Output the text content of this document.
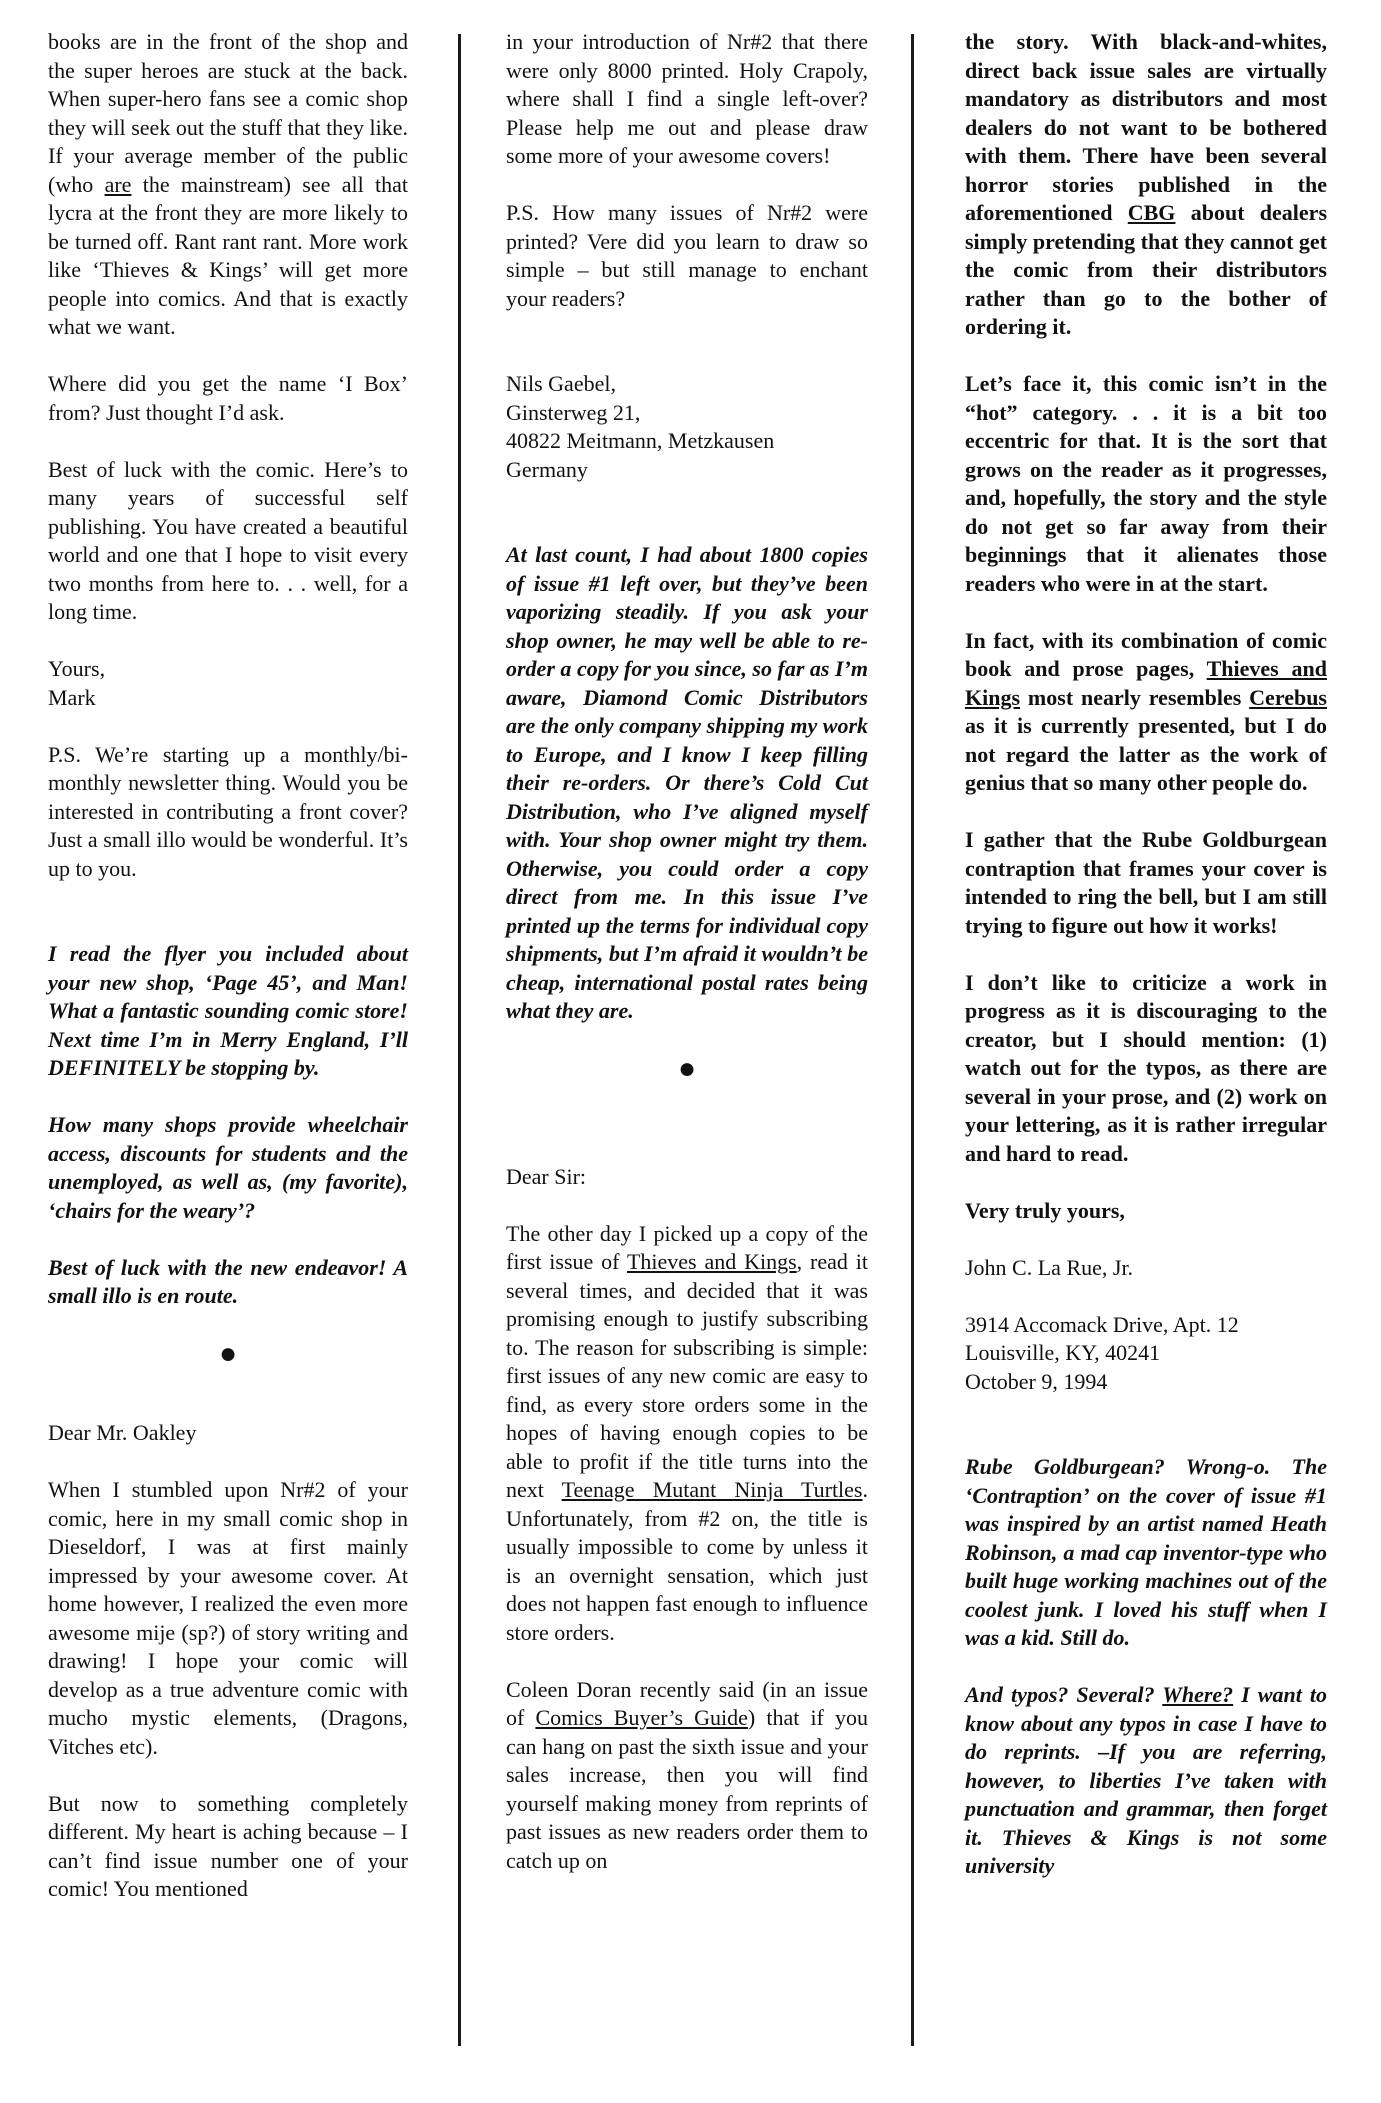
books are in the front of the shop and the super heroes are stuck at the back. When super-hero fans see a comic shop they will seek out the stuff that they like. If your average member of the public (who are the mainstream) see all that lycra at the front they are more likely to be turned off. Rant rant rant. More work like ‘Thieves & Kings’ will get more people into comics. And that is exactly what we want.

Where did you get the name ‘I Box’ from? Just thought I’d ask.

Best of luck with the comic. Here’s to many years of successful self publishing. You have created a beautiful world and one that I hope to visit every two months from here to. . . well, for a long time.

Yours,

Mark

P.S. We’re starting up a monthly/bi-monthly newsletter thing. Would you be interested in contributing a front cover? Just a small illo would be wonderful. It’s up to you.

I read the flyer you included about your new shop, ‘Page 45’, and Man! What a fantastic sounding comic store! Next time I’m in Merry England, I’ll DEFINITELY be stopping by.

How many shops provide wheelchair access, discounts for students and the unemployed, as well as, (my favorite), ‘chairs for the weary’?

Best of luck with the new endeavor! A small illo is en route.

●

Dear Mr. Oakley

When I stumbled upon Nr#2 of your comic, here in my small comic shop in Dieseldorf, I was at first mainly impressed by your awesome cover. At home however, I realized the even more awesome mije (sp?) of story writing and drawing! I hope your comic will develop as a true adventure comic with mucho mystic elements, (Dragons, Vitches etc).

But now to something completely different. My heart is aching because – I can’t find issue number one of your comic! You mentioned

in your introduction of Nr#2 that there were only 8000 printed. Holy Crapoly, where shall I find a single left-over? Please help me out and please draw some more of your awesome covers!

P.S. How many issues of Nr#2 were printed? Vere did you learn to draw so simple – but still manage to enchant your readers?

Nils Gaebel,
Ginsterweg 21,
40822 Meitmann, Metzkausen
Germany

At last count, I had about 1800 copies of issue #1 left over, but they’ve been vaporizing steadily. If you ask your shop owner, he may well be able to re-order a copy for you since, so far as I’m aware, Diamond Comic Distributors are the only company shipping my work to Europe, and I know I keep filling their re-orders. Or there’s Cold Cut Distribution, who I’ve aligned myself with. Your shop owner might try them. Otherwise, you could order a copy direct from me. In this issue I’ve printed up the terms for individual copy shipments, but I’m afraid it wouldn’t be cheap, international postal rates being what they are.

●

Dear Sir:

The other day I picked up a copy of the first issue of Thieves and Kings, read it several times, and decided that it was promising enough to justify subscribing to. The reason for subscribing is simple: first issues of any new comic are easy to find, as every store orders some in the hopes of having enough copies to be able to profit if the title turns into the next Teenage Mutant Ninja Turtles. Unfortunately, from #2 on, the title is usually impossible to come by unless it is an overnight sensation, which just does not happen fast enough to influence store orders.

Coleen Doran recently said (in an issue of Comics Buyer’s Guide) that if you can hang on past the sixth issue and your sales increase, then you will find yourself making money from reprints of past issues as new readers order them to catch up on

the story. With black-and-whites, direct back issue sales are virtually mandatory as distributors and most dealers do not want to be bothered with them. There have been several horror stories published in the aforementioned CBG about dealers simply pretending that they cannot get the comic from their distributors rather than go to the bother of ordering it.

Let’s face it, this comic isn’t in the “hot” category. . . it is a bit too eccentric for that. It is the sort that grows on the reader as it progresses, and, hopefully, the story and the style do not get so far away from their beginnings that it alienates those readers who were in at the start.

In fact, with its combination of comic book and prose pages, Thieves and Kings most nearly resembles Cerebus as it is currently presented, but I do not regard the latter as the work of genius that so many other people do.

I gather that the Rube Goldburgean contraption that frames your cover is intended to ring the bell, but I am still trying to figure out how it works!

I don’t like to criticize a work in progress as it is discouraging to the creator, but I should mention: (1) watch out for the typos, as there are several in your prose, and (2) work on your lettering, as it is rather irregular and hard to read.

Very truly yours,

John C. La Rue, Jr.

3914 Accomack Drive, Apt. 12
Louisville, KY, 40241
October 9, 1994

Rube Goldburgean? Wrong-o. The ‘Contraption’ on the cover of issue #1 was inspired by an artist named Heath Robinson, a mad cap inventor-type who built huge working machines out of the coolest junk. I loved his stuff when I was a kid. Still do.

And typos? Several? Where? I want to know about any typos in case I have to do reprints. –If you are referring, however, to liberties I’ve taken with punctuation and grammar, then forget it. Thieves & Kings is not some university
